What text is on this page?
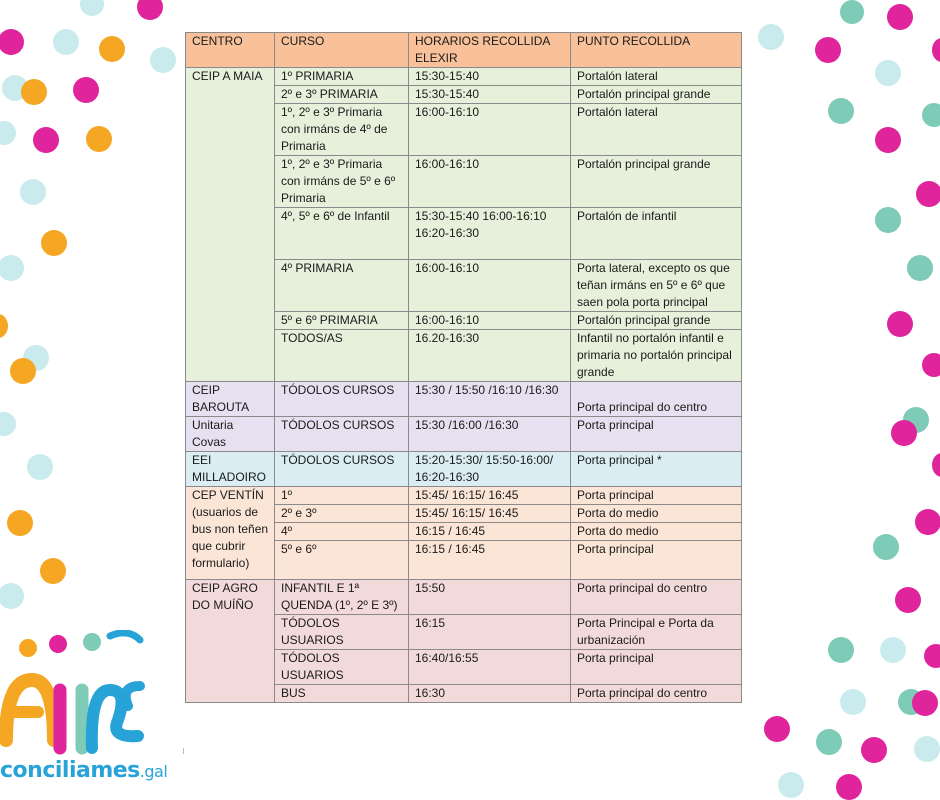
CENTRO	CURSO	HORARIOS RECOLLIDA ELEXIR	PUNTO RECOLLIDA
CEIP A MAIA	1º PRIMARIA	15:30-15:40	Portalón lateral
	2º e 3º PRIMARIA	15:30-15:40	Portalón principal grande
	1º, 2º e 3º Primaria con irmáns de 4º de Primaria	16:00-16:10	Portalón lateral
	1º, 2º e 3º Primaria con irmáns de 5º e 6º Primaria	16:00-16:10	Portalón principal grande
	4º, 5º e 6º de Infantil	15:30-15:40 16:00-16:10 16:20-16:30	Portalón de infantil
	4º PRIMARIA	16:00-16:10	Porta lateral, excepto os que teñan irmáns en 5º e 6º que saen pola porta principal
	5º e 6º PRIMARIA	16:00-16:10	Portalón principal grande
	TODOS/AS	16.20-16:30	Infantil no portalón infantil e primaria no portalón principal grande
CEIP BAROUTA	TÓDOLOS CURSOS	15:30 / 15:50 /16:10 /16:30	Porta principal do centro
Unitaria Covas	TÓDOLOS CURSOS	15:30 /16:00 /16:30	Porta principal
EEI MILLADOIRO	TÓDOLOS CURSOS	15:20-15:30/ 15:50-16:00/ 16:20-16:30	Porta principal *
CEP VENTÍN (usuarios de bus non teñen que cubrir formulario)	1º	15:45/ 16:15/ 16:45	Porta principal
	2º e 3º	15:45/ 16:15/ 16:45	Porta do medio
	4º	16:15 / 16:45	Porta do medio
	5º e 6º	16:15 / 16:45	Porta principal
CEIP AGRO DO MUÍÑO	INFANTIL E 1ª QUENDA (1º, 2º E 3º)	15:50	Porta principal do centro
	TÓDOLOS USUARIOS	16:15	Porta Principal e Porta da urbanización
	TÓDOLOS USUARIOS	16:40/16:55	Porta principal
	BUS	16:30	Porta principal do centro
conciliames.gal
